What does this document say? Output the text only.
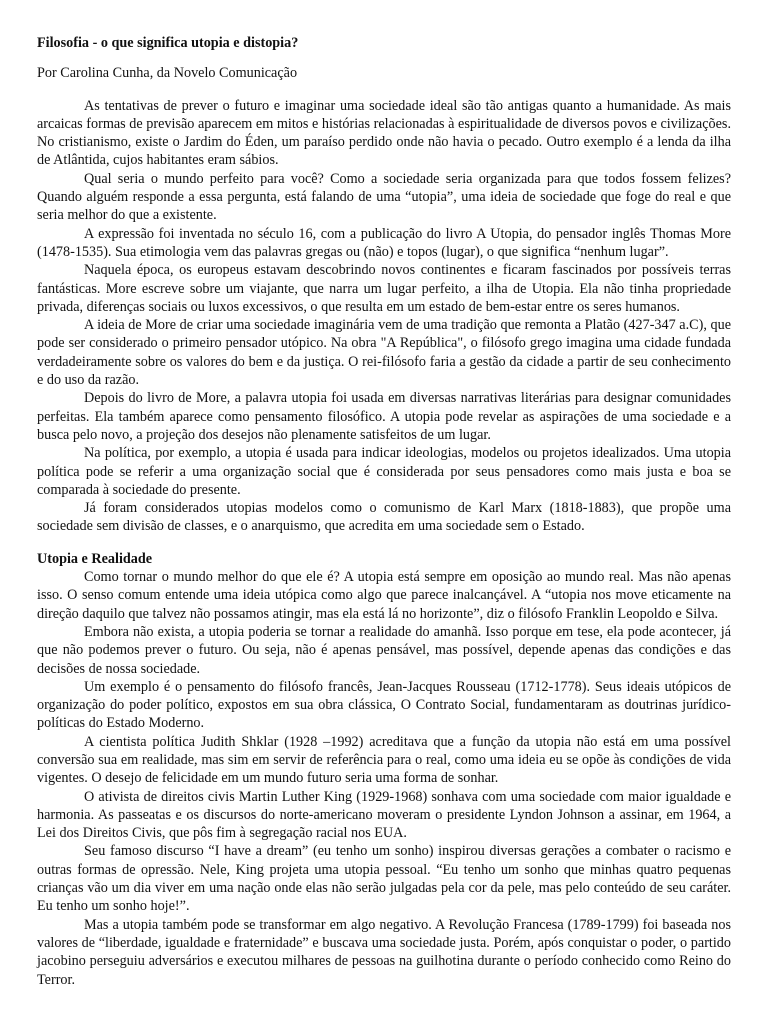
Filosofia - o que significa utopia e distopia?

Por Carolina Cunha, da Novelo Comunicação

As tentativas de prever o futuro e imaginar uma sociedade ideal são tão antigas quanto a humanidade. As mais arcaicas formas de previsão aparecem em mitos e histórias relacionadas à espiritualidade de diversos povos e civilizações. No cristianismo, existe o Jardim do Éden, um paraíso perdido onde não havia o pecado. Outro exemplo é a lenda da ilha de Atlântida, cujos habitantes eram sábios.

Qual seria o mundo perfeito para você? Como a sociedade seria organizada para que todos fossem felizes? Quando alguém responde a essa pergunta, está falando de uma “utopia”, uma ideia de sociedade que foge do real e que seria melhor do que a existente.

A expressão foi inventada no século 16, com a publicação do livro A Utopia, do pensador inglês Thomas More (1478-1535). Sua etimologia vem das palavras gregas ou (não) e topos (lugar), o que significa “nenhum lugar”.

Naquela época, os europeus estavam descobrindo novos continentes e ficaram fascinados por possíveis terras fantásticas. More escreve sobre um viajante, que narra um lugar perfeito, a ilha de Utopia. Ela não tinha propriedade privada, diferenças sociais ou luxos excessivos, o que resulta em um estado de bem-estar entre os seres humanos.

A ideia de More de criar uma sociedade imaginária vem de uma tradição que remonta a Platão (427-347 a.C), que pode ser considerado o primeiro pensador utópico. Na obra "A República", o filósofo grego imagina uma cidade fundada verdadeiramente sobre os valores do bem e da justiça. O rei-filósofo faria a gestão da cidade a partir de seu conhecimento e do uso da razão.

Depois do livro de More, a palavra utopia foi usada em diversas narrativas literárias para designar comunidades perfeitas. Ela também aparece como pensamento filosófico. A utopia pode revelar as aspirações de uma sociedade e a busca pelo novo, a projeção dos desejos não plenamente satisfeitos de um lugar.

Na política, por exemplo, a utopia é usada para indicar ideologias, modelos ou projetos idealizados. Uma utopia política pode se referir a uma organização social que é considerada por seus pensadores como mais justa e boa se comparada à sociedade do presente.

Já foram considerados utopias modelos como o comunismo de Karl Marx (1818-1883), que propõe uma sociedade sem divisão de classes, e o anarquismo, que acredita em uma sociedade sem o Estado.

Utopia e Realidade

Como tornar o mundo melhor do que ele é? A utopia está sempre em oposição ao mundo real. Mas não apenas isso. O senso comum entende uma ideia utópica como algo que parece inalcançável. A “utopia nos move eticamente na direção daquilo que talvez não possamos atingir, mas ela está lá no horizonte”, diz o filósofo Franklin Leopoldo e Silva.

Embora não exista, a utopia poderia se tornar a realidade do amanhã. Isso porque em tese, ela pode acontecer, já que não podemos prever o futuro. Ou seja, não é apenas pensável, mas possível, depende apenas das condições e das decisões de nossa sociedade.

Um exemplo é o pensamento do filósofo francês, Jean-Jacques Rousseau (1712-1778). Seus ideais utópicos de organização do poder político, expostos em sua obra clássica, O Contrato Social, fundamentaram as doutrinas jurídico-políticas do Estado Moderno.

A cientista política Judith Shklar (1928 –1992) acreditava que a função da utopia não está em uma possível conversão sua em realidade, mas sim em servir de referência para o real, como uma ideia eu se opõe às condições de vida vigentes. O desejo de felicidade em um mundo futuro seria uma forma de sonhar.

O ativista de direitos civis Martin Luther King (1929-1968) sonhava com uma sociedade com maior igualdade e harmonia. As passeatas e os discursos do norte-americano moveram o presidente Lyndon Johnson a assinar, em 1964, a Lei dos Direitos Civis, que pôs fim à segregação racial nos EUA.

Seu famoso discurso “I have a dream” (eu tenho um sonho) inspirou diversas gerações a combater o racismo e outras formas de opressão. Nele, King projeta uma utopia pessoal. “Eu tenho um sonho que minhas quatro pequenas crianças vão um dia viver em uma nação onde elas não serão julgadas pela cor da pele, mas pelo conteúdo de seu caráter. Eu tenho um sonho hoje!”.

Mas a utopia também pode se transformar em algo negativo. A Revolução Francesa (1789-1799) foi baseada nos valores de “liberdade, igualdade e fraternidade” e buscava uma sociedade justa. Porém, após conquistar o poder, o partido jacobino perseguiu adversários e executou milhares de pessoas na guilhotina durante o período conhecido como Reino do Terror.
